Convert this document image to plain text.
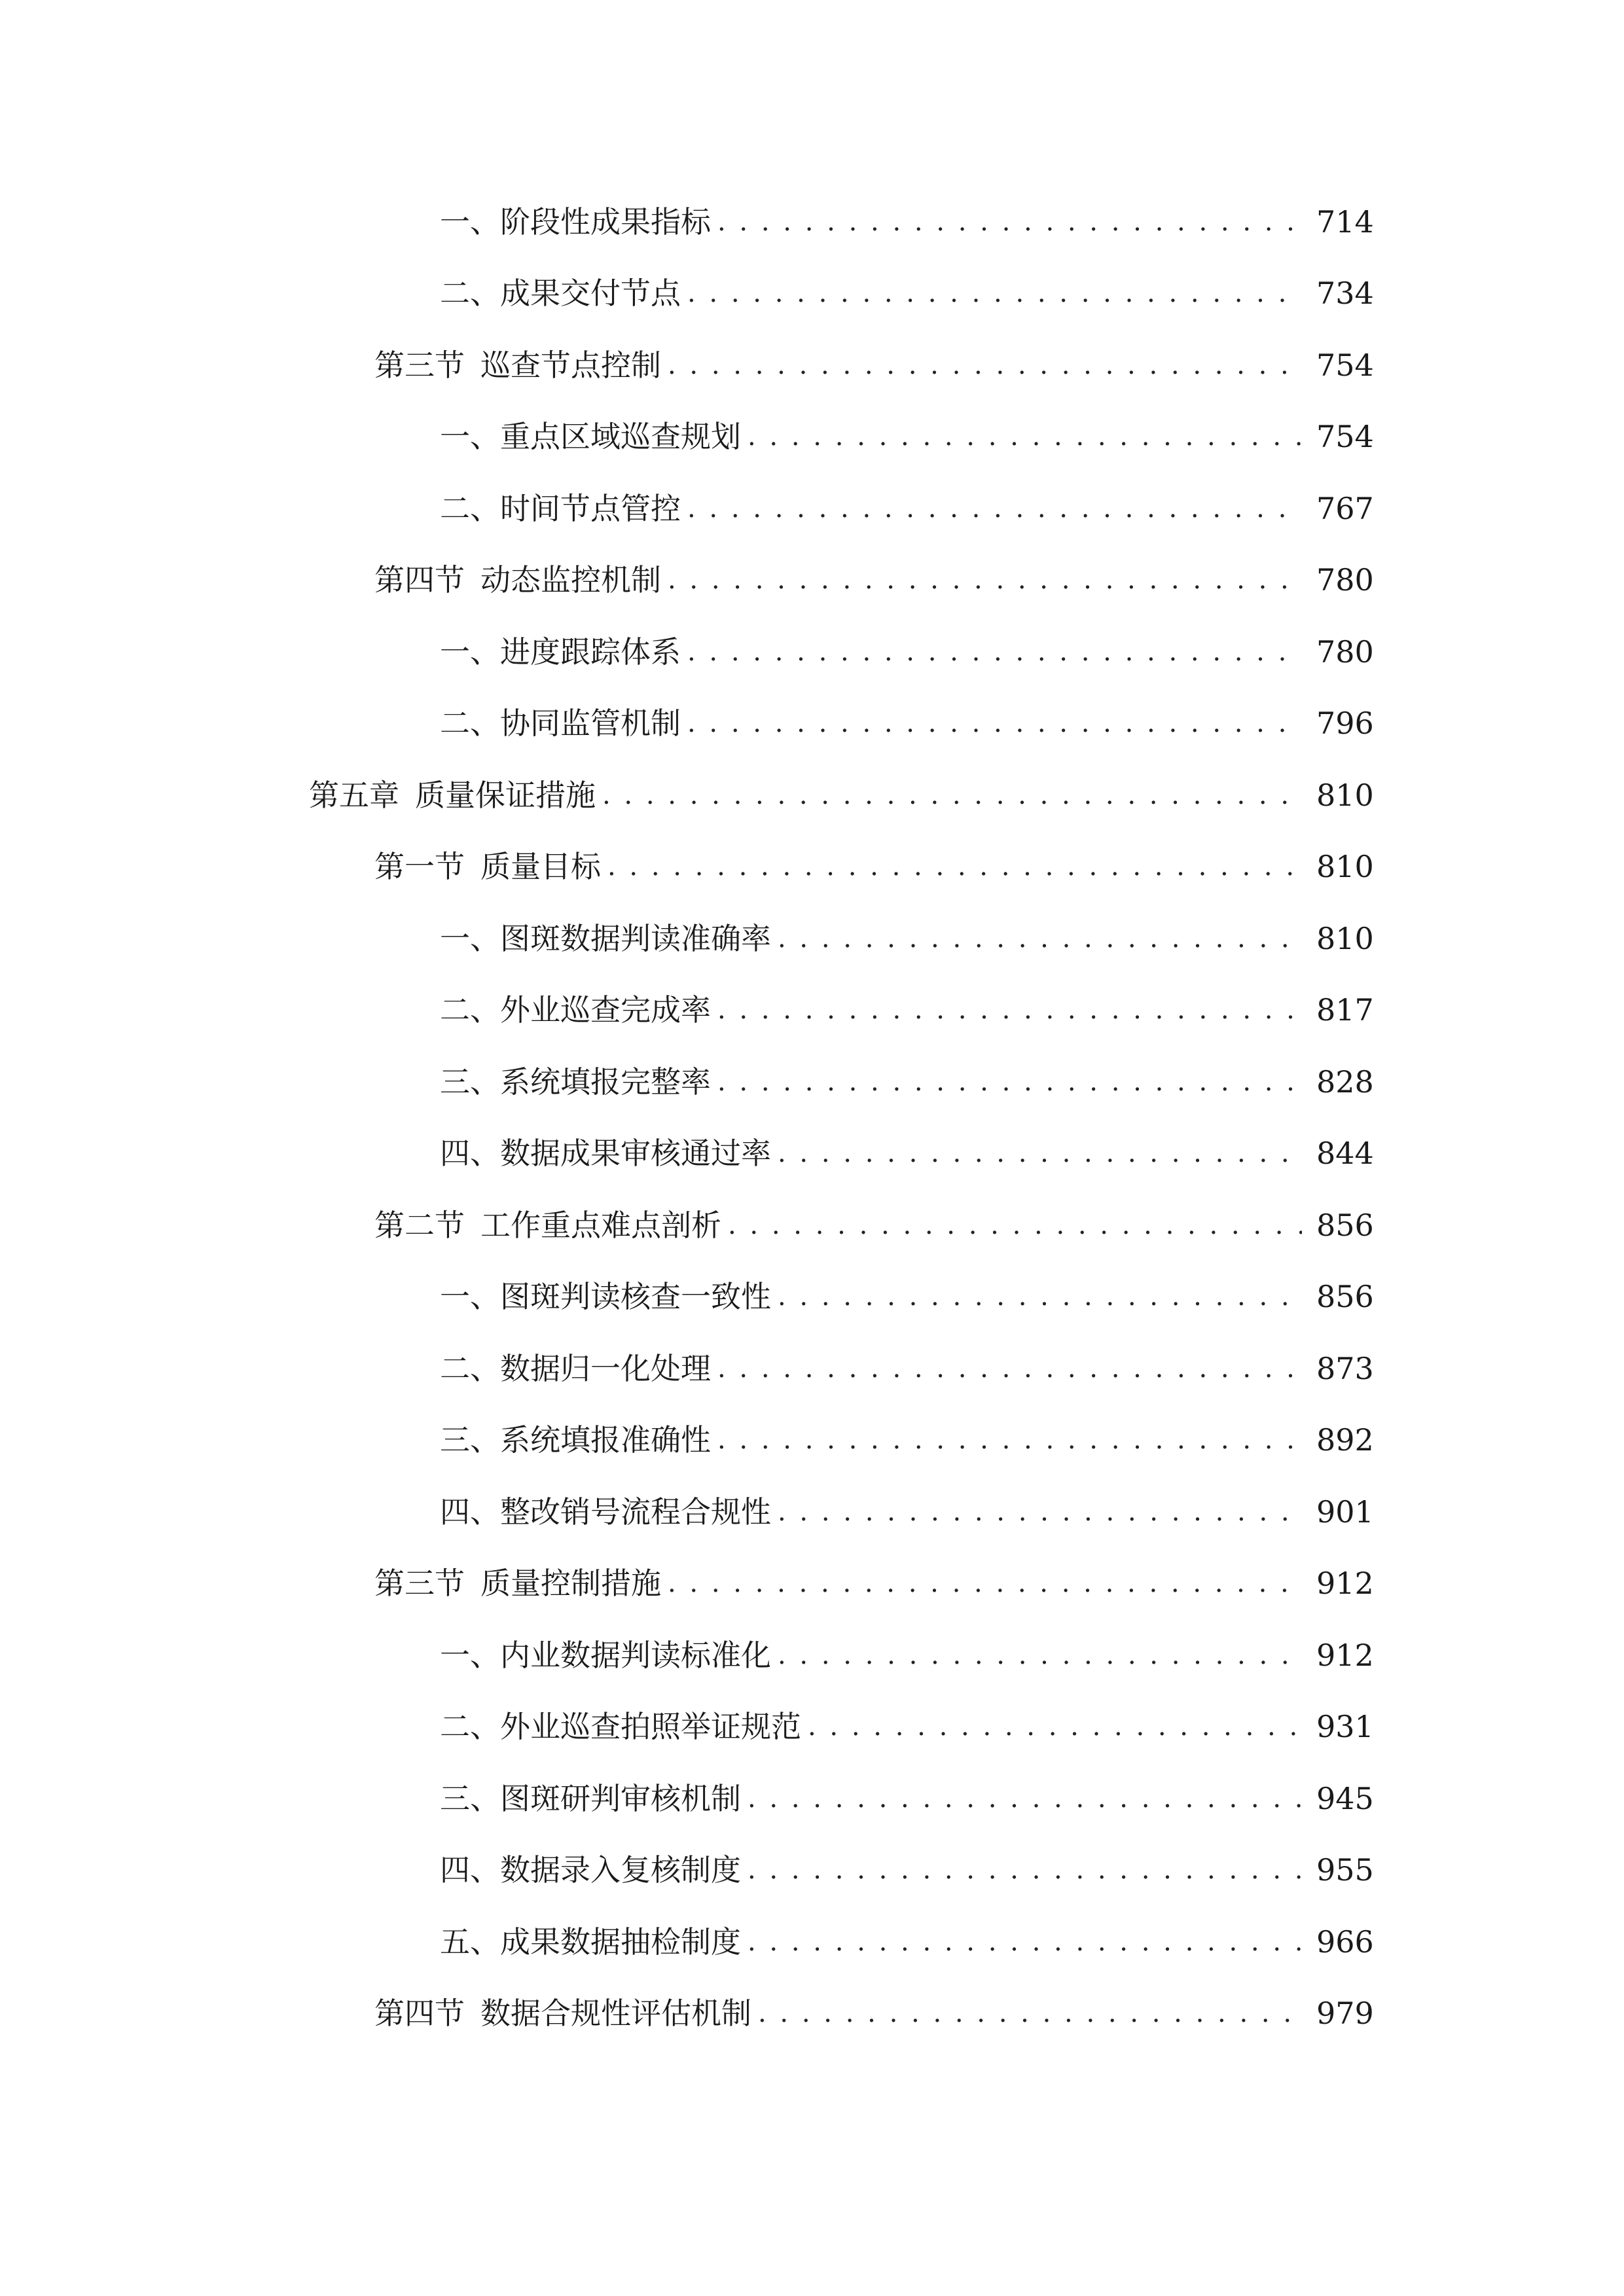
一、 阶段性成果指标 . . .	714
二、 成果交付节点 . . .	734
第三节 巡查节点控制 . . .	754
一、 重点区域巡查规划 . . .	754
二、 时间节点管控 . . .	767
第四节 动态监控机制 . . .	780
一、 进度跟踪体系 . . .	780
二、 协同监管机制 . . .	796
第五章 质量保证措施 . . .	810
第一节 质量目标 . . .	810
一、 图斑数据判读准确率 . . .	810
二、 外业巡查完成率 . . .	817
三、 系统填报完整率 . . .	828
四、 数据成果审核通过率 . . .	844
第二节 工作重点难点剖析 . . .	856
一、 图斑判读核查一致性 . . .	856
二、 数据归一化处理 . . .	873
三、 系统填报准确性 . . .	892
四、 整改销号流程合规性 . . .	901
第三节 质量控制措施 . . .	912
一、 内业数据判读标准化 . . .	912
二、 外业巡查拍照举证规范 . . .	931
三、 图斑研判审核机制 . . .	945
四、 数据录入复核制度 . . .	955
五、 成果数据抽检制度 . . .	966
第四节 数据合规性评估机制 . . .	979
